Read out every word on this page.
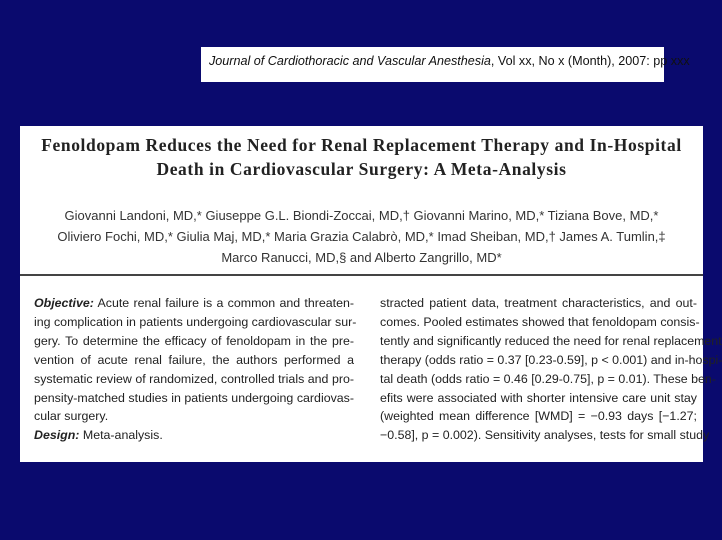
Journal of Cardiothoracic and Vascular Anesthesia, Vol xx, No x (Month), 2007: pp xxx
Fenoldopam Reduces the Need for Renal Replacement Therapy and In-Hospital
Death in Cardiovascular Surgery: A Meta-Analysis
Giovanni Landoni, MD,* Giuseppe G.L. Biondi-Zoccai, MD,† Giovanni Marino, MD,* Tiziana Bove, MD,*
Oliviero Fochi, MD,* Giulia Maj, MD,* Maria Grazia Calabrò, MD,* Imad Sheiban, MD,† James A. Tumlin,‡
Marco Ranucci, MD,§ and Alberto Zangrillo, MD*
Objective: Acute renal failure is a common and threaten-
ing complication in patients undergoing cardiovascular sur-
gery. To determine the efficacy of fenoldopam in the pre-
vention of acute renal failure, the authors performed a
systematic review of randomized, controlled trials and pro-
pensity-matched studies in patients undergoing cardiovas-
cular surgery.
Design: Meta-analysis.
stracted patient data, treatment characteristics, and out-
comes. Pooled estimates showed that fenoldopam consis-
tently and significantly reduced the need for renal replacement
therapy (odds ratio = 0.37 [0.23-0.59], p < 0.001) and in-hospi-
tal death (odds ratio = 0.46 [0.29-0.75], p = 0.01). These ben-
efits were associated with shorter intensive care unit stay
(weighted mean difference [WMD] = −0.93 days [−1.27;
−0.58], p = 0.002). Sensitivity analyses, tests for small study
